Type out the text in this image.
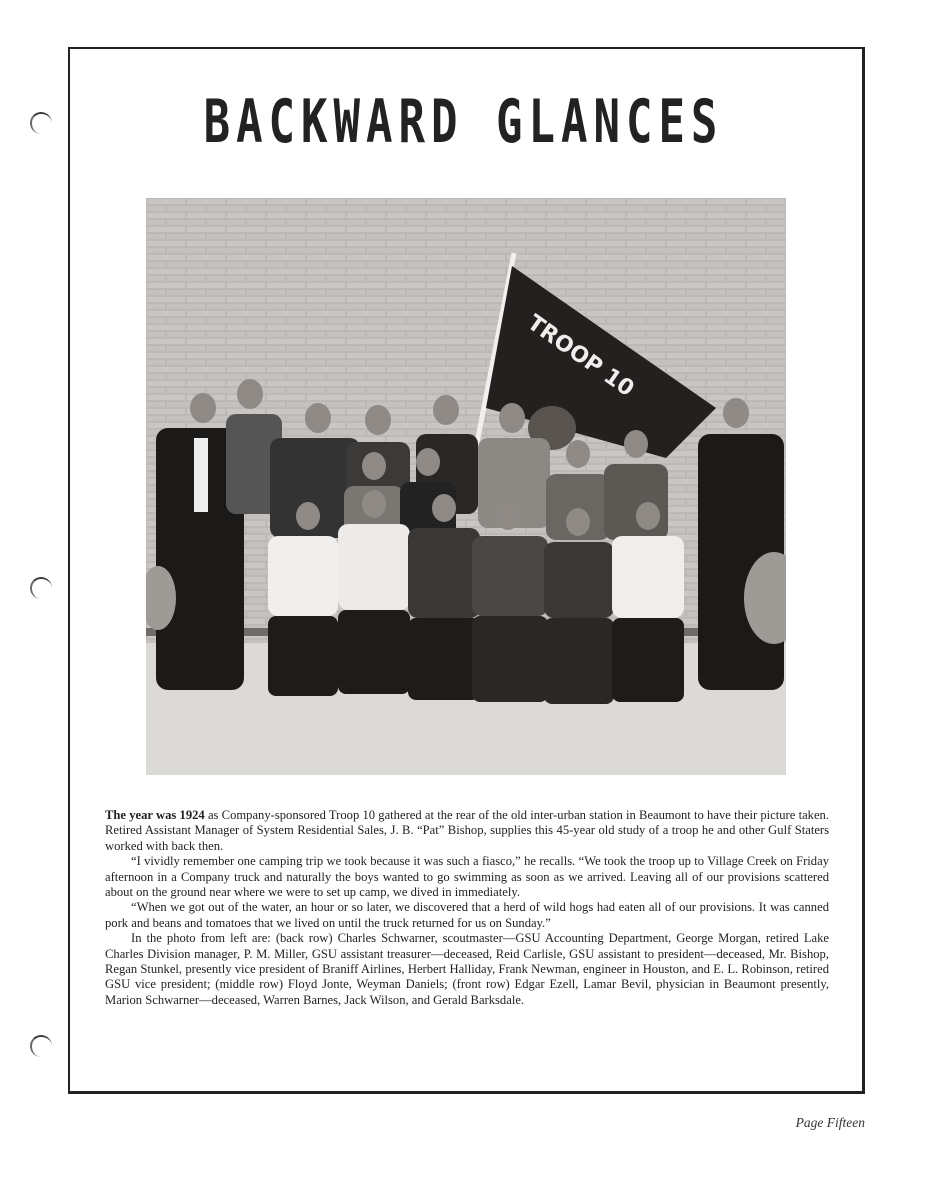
BACKWARD GLANCES
TROOP 10

The year was 1924 as Company-sponsored Troop 10 gathered at the rear of the old inter-urban station in Beaumont to have their picture taken. Retired Assistant Manager of System Residential Sales, J. B. “Pat” Bishop, supplies this 45-year old study of a troop he and other Gulf Staters worked with back then.

“I vividly remember one camping trip we took because it was such a fiasco,” he recalls. “We took the troop up to Village Creek on Friday afternoon in a Company truck and naturally the boys wanted to go swimming as soon as we arrived. Leaving all of our provisions scattered about on the ground near where we were to set up camp, we dived in immediately.

“When we got out of the water, an hour or so later, we discovered that a herd of wild hogs had eaten all of our provisions. It was canned pork and beans and tomatoes that we lived on until the truck returned for us on Sunday.”

In the photo from left are: (back row) Charles Schwarner, scoutmaster—GSU Accounting Department, George Morgan, retired Lake Charles Division manager, P. M. Miller, GSU assistant treasurer—deceased, Reid Carlisle, GSU assistant to president—deceased, Mr. Bishop, Regan Stunkel, presently vice president of Braniff Airlines, Herbert Halliday, Frank Newman, engineer in Houston, and E. L. Robinson, retired GSU vice president; (middle row) Floyd Jonte, Weyman Daniels; (front row) Edgar Ezell, Lamar Bevil, physician in Beaumont presently, Marion Schwarner—deceased, Warren Barnes, Jack Wilson, and Gerald Barksdale.

Page Fifteen
